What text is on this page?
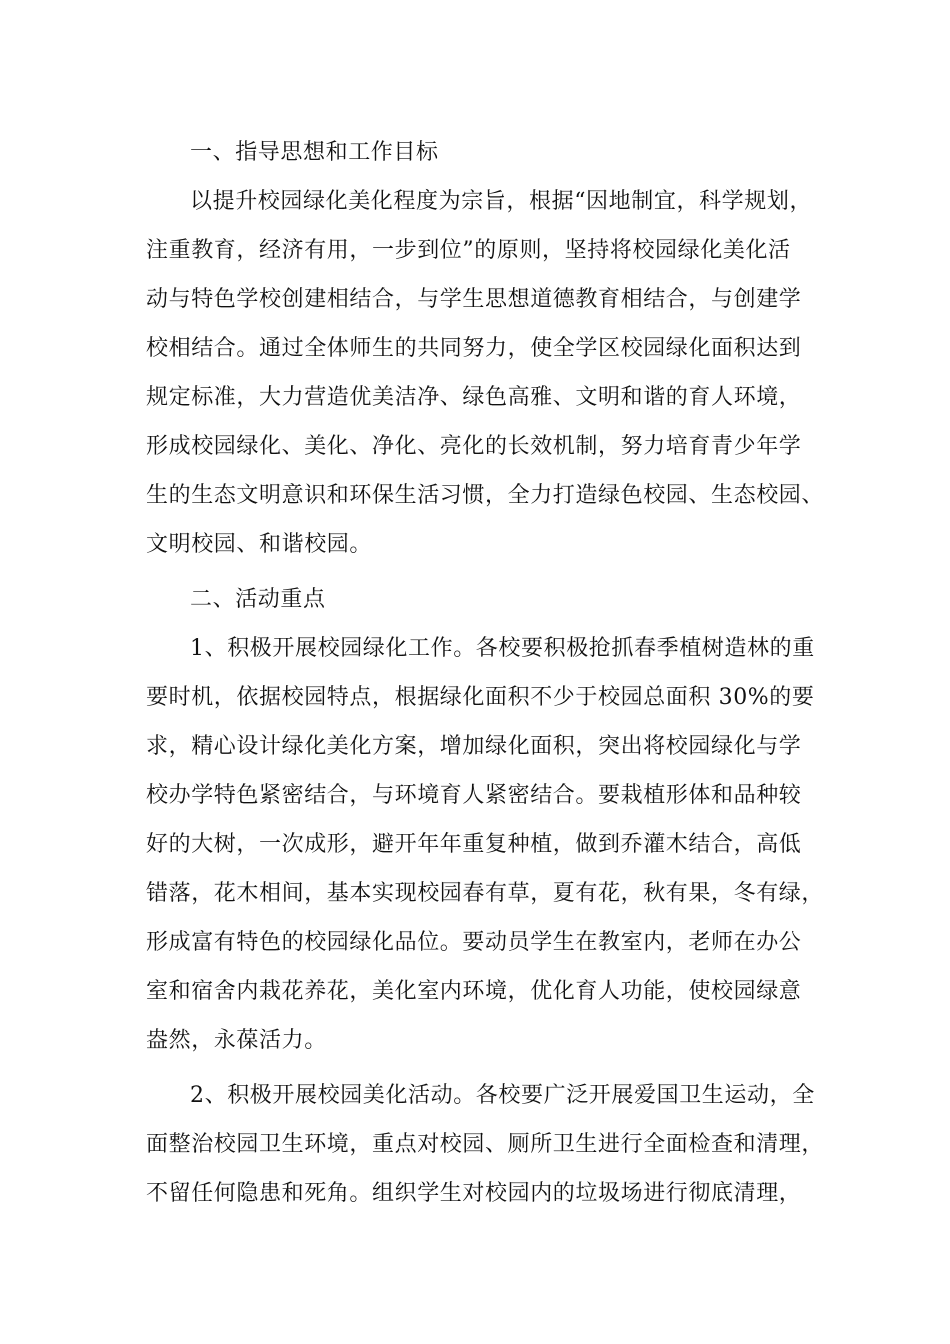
一、指导思想和工作目标
以提升校园绿化美化程度为宗旨，根据“因地制宜，科学规划，
注重教育，经济有用，一步到位”的原则，坚持将校园绿化美化活
动与特色学校创建相结合，与学生思想道德教育相结合，与创建学
校相结合。通过全体师生的共同努力，使全学区校园绿化面积达到
规定标准，大力营造优美洁净、绿色高雅、文明和谐的育人环境，
形成校园绿化、美化、净化、亮化的长效机制，努力培育青少年学
生的生态文明意识和环保生活习惯，全力打造绿色校园、生态校园、
文明校园、和谐校园。
二、活动重点
1、积极开展校园绿化工作。各校要积极抢抓春季植树造林的重
要时机，依据校园特点，根据绿化面积不少于校园总面积 30%的要
求，精心设计绿化美化方案，增加绿化面积，突出将校园绿化与学
校办学特色紧密结合，与环境育人紧密结合。要栽植形体和品种较
好的大树，一次成形，避开年年重复种植，做到乔灌木结合，高低
错落，花木相间，基本实现校园春有草，夏有花，秋有果，冬有绿，
形成富有特色的校园绿化品位。要动员学生在教室内，老师在办公
室和宿舍内栽花养花，美化室内环境，优化育人功能，使校园绿意
盎然，永葆活力。
2、积极开展校园美化活动。各校要广泛开展爱国卫生运动，全
面整治校园卫生环境，重点对校园、厕所卫生进行全面检查和清理，
不留任何隐患和死角。组织学生对校园内的垃圾场进行彻底清理，
